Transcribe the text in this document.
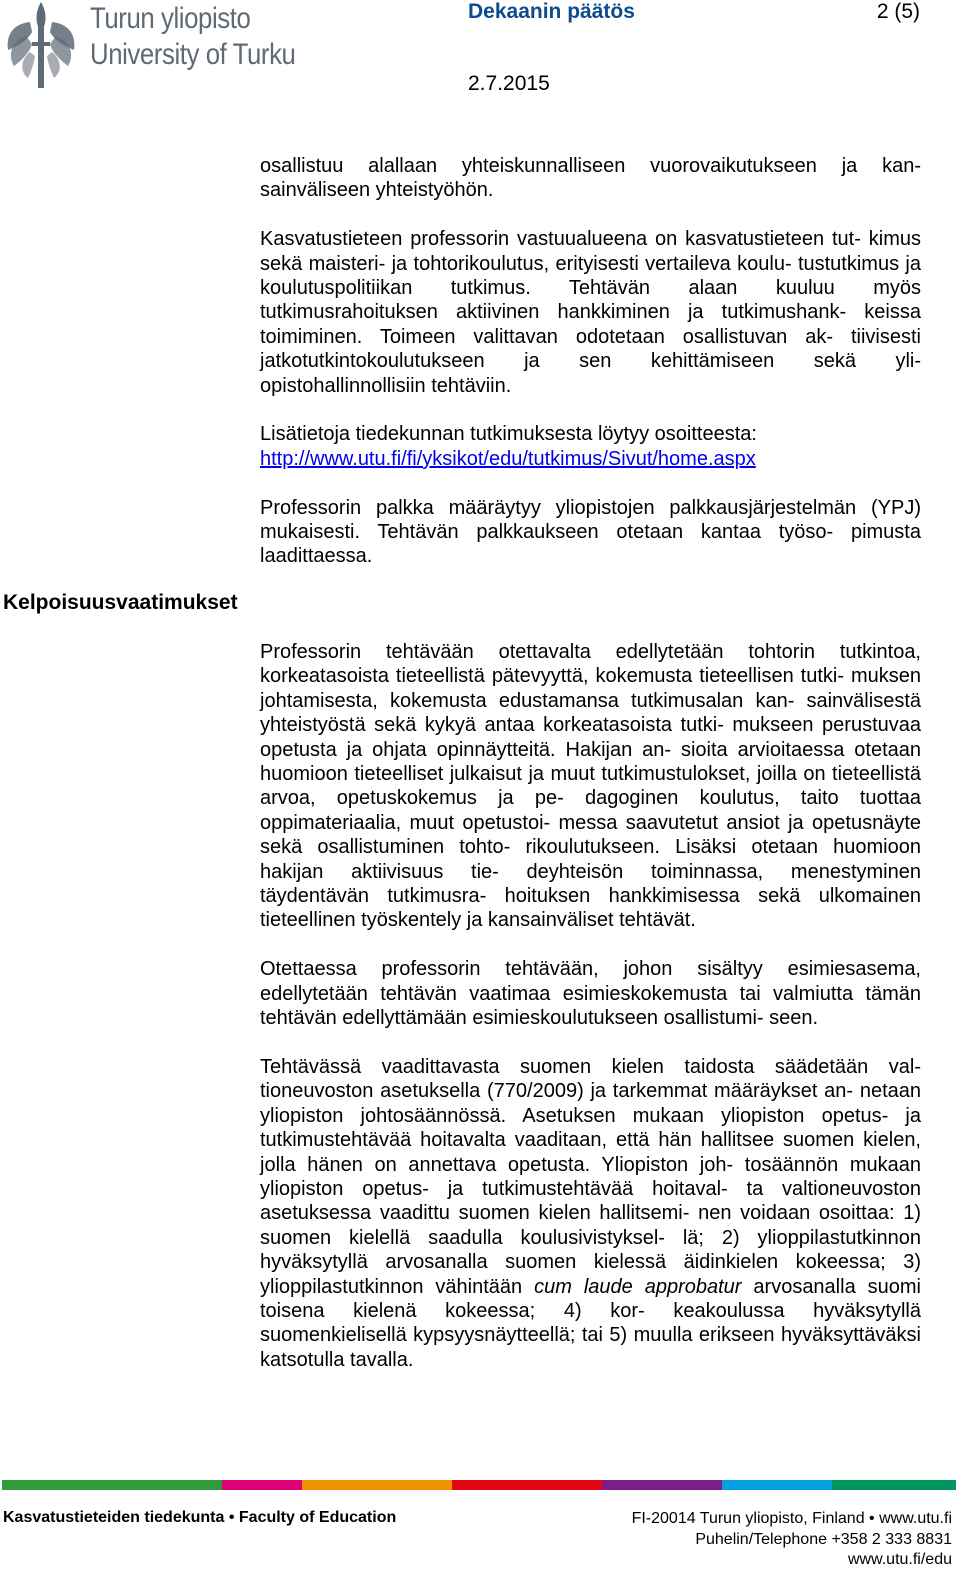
Turun yliopisto
University of Turku
Dekaanin päätös	2 (5)
2.7.2015

osallistuu alallaan yhteiskunnalliseen vuorovaikutukseen ja kan- sainväliseen yhteistyöhön.

Kasvatustieteen professorin vastuualueena on kasvatustieteen tut- kimus sekä maisteri- ja tohtorikoulutus, erityisesti vertaileva koulu- tustutkimus ja koulutuspolitiikan tutkimus. Tehtävän alaan kuuluu myös tutkimusrahoituksen aktiivinen hankkiminen ja tutkimushank- keissa toimiminen. Toimeen valittavan odotetaan osallistuvan ak- tiivisesti jatkotutkintokoulutukseen ja sen kehittämiseen sekä yli- opistohallinnollisiin tehtäviin.

Lisätietoja tiedekunnan tutkimuksesta löytyy osoitteesta:
http://www.utu.fi/fi/yksikot/edu/tutkimus/Sivut/home.aspx

Professorin palkka määräytyy yliopistojen palkkausjärjestelmän (YPJ) mukaisesti. Tehtävän palkkaukseen otetaan kantaa työso- pimusta laadittaessa.

Kelpoisuusvaatimukset

Professorin tehtävään otettavalta edellytetään tohtorin tutkintoa, korkeatasoista tieteellistä pätevyyttä, kokemusta tieteellisen tutki- muksen johtamisesta, kokemusta edustamansa tutkimusalan kan- sainvälisestä yhteistyöstä sekä kykyä antaa korkeatasoista tutki- mukseen perustuvaa opetusta ja ohjata opinnäytteitä. Hakijan an- sioita arvioitaessa otetaan huomioon tieteelliset julkaisut ja muut tutkimustulokset, joilla on tieteellistä arvoa, opetuskokemus ja pe- dagoginen koulutus, taito tuottaa oppimateriaalia, muut opetustoi- messa saavutetut ansiot ja opetusnäyte sekä osallistuminen tohto- rikoulutukseen. Lisäksi otetaan huomioon hakijan aktiivisuus tie- deyhteisön toiminnassa, menestyminen täydentävän tutkimusra- hoituksen hankkimisessa sekä ulkomainen tieteellinen työskentely ja kansainväliset tehtävät.

Otettaessa professorin tehtävään, johon sisältyy esimiesasema, edellytetään tehtävän vaatimaa esimieskokemusta tai valmiutta tämän tehtävän edellyttämään esimieskoulutukseen osallistumi- seen.

Tehtävässä vaadittavasta suomen kielen taidosta säädetään val- tioneuvoston asetuksella (770/2009) ja tarkemmat määräykset an- netaan yliopiston johtosäännössä. Asetuksen mukaan yliopiston opetus- ja tutkimustehtävää hoitavalta vaaditaan, että hän hallitsee suomen kielen, jolla hänen on annettava opetusta. Yliopiston joh- tosäännön mukaan yliopiston opetus- ja tutkimustehtävää hoitaval- ta valtioneuvoston asetuksessa vaadittu suomen kielen hallitsemi- nen voidaan osoittaa: 1) suomen kielellä saadulla koulusivistyksel- lä; 2) ylioppilastutkinnon hyväksytyllä arvosanalla suomen kielessä äidinkielen kokeessa; 3) ylioppilastutkinnon vähintään cum laude approbatur arvosanalla suomi toisena kielenä kokeessa; 4) kor- keakoulussa hyväksytyllä suomenkielisellä kypsyysnäytteellä; tai 5) muulla erikseen hyväksyttäväksi katsotulla tavalla.

Kasvatustieteiden tiedekunta • Faculty of Education	FI-20014 Turun yliopisto, Finland • www.utu.fi
Puhelin/Telephone +358 2 333 8831
www.utu.fi/edu
